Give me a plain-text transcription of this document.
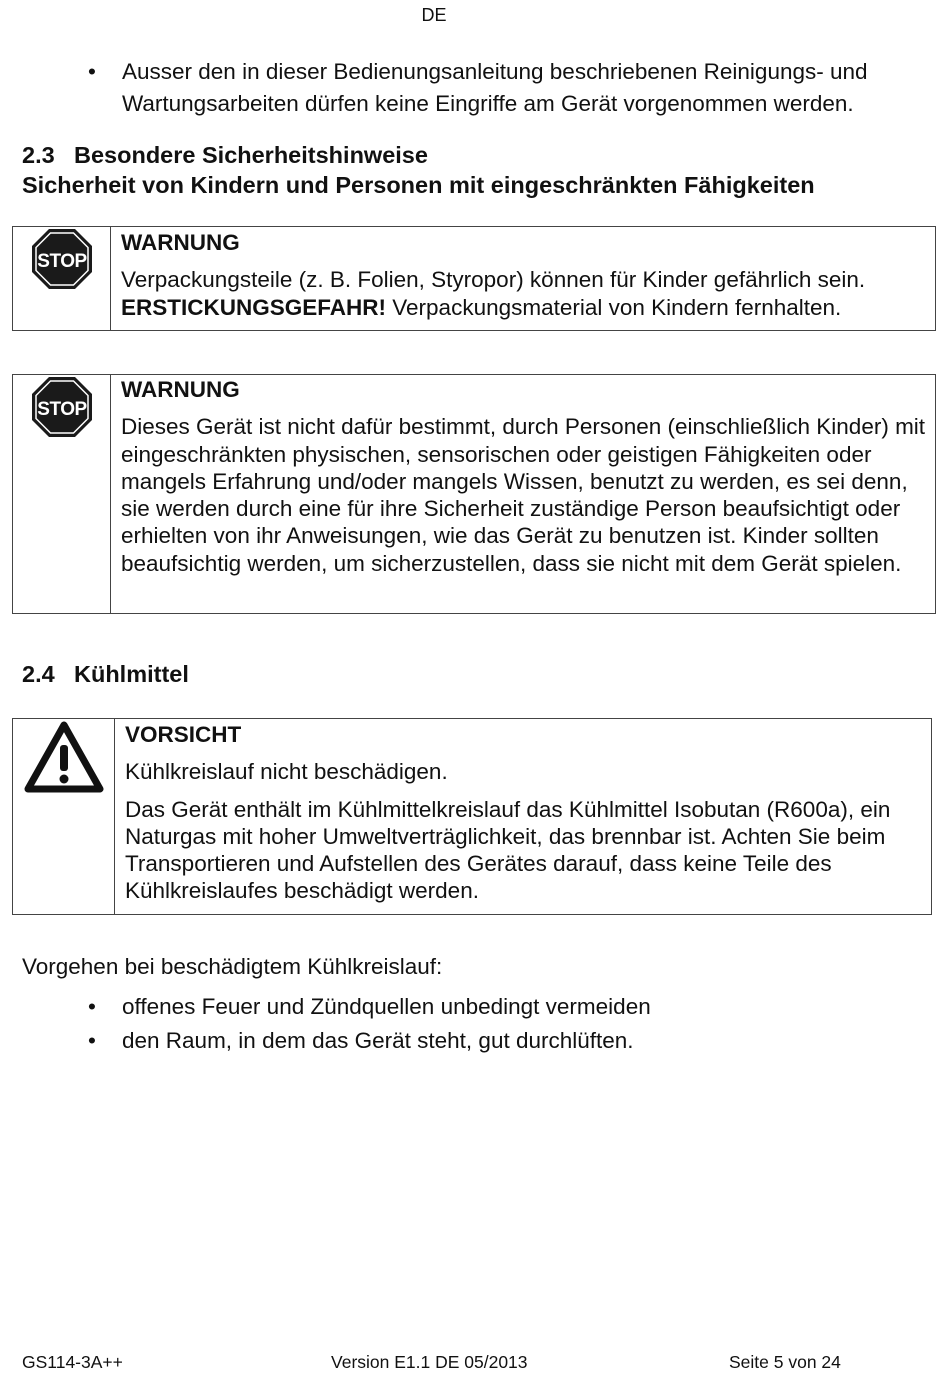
DE
•	Ausser den in dieser Bedienungsanleitung beschriebenen Reinigungs- und Wartungsarbeiten dürfen keine Eingriffe am Gerät vorgenommen werden.
2.3 Besondere Sicherheitshinweise
Sicherheit von Kindern und Personen mit eingeschränkten Fähigkeiten
STOP

WARNUNG

Verpackungsteile (z. B. Folien, Styropor) können für Kinder gefährlich sein.

ERSTICKUNGSGEFAHR! Verpackungsmaterial von Kindern fernhalten.

STOP

WARNUNG

Dieses Gerät ist nicht dafür bestimmt, durch Personen (einschließlich Kinder) mit eingeschränkten physischen, sensorischen oder geistigen Fähigkeiten oder mangels Erfahrung und/oder mangels Wissen, benutzt zu werden, es sei denn, sie werden durch eine für ihre Sicherheit zuständige Person beaufsichtigt oder erhielten von ihr Anweisungen, wie das Gerät zu benutzen ist. Kinder sollten beaufsichtig werden, um sicherzustellen, dass sie nicht mit dem Gerät spielen.

2.4 Kühlmittel

VORSICHT

Kühlkreislauf nicht beschädigen.

Das Gerät enthält im Kühlmittelkreislauf das Kühlmittel Isobutan (R600a), ein Naturgas mit hoher Umweltverträglichkeit, das brennbar ist. Achten Sie beim Transportieren und Aufstellen des Gerätes darauf, dass keine Teile des Kühlkreislaufes beschädigt werden.

Vorgehen bei beschädigtem Kühlkreislauf:
•	offenes Feuer und Zündquellen unbedingt vermeiden
•	den Raum, in dem das Gerät steht, gut durchlüften.
GS114-3A++	Version E1.1 DE 05/2013	Seite 5 von 24
